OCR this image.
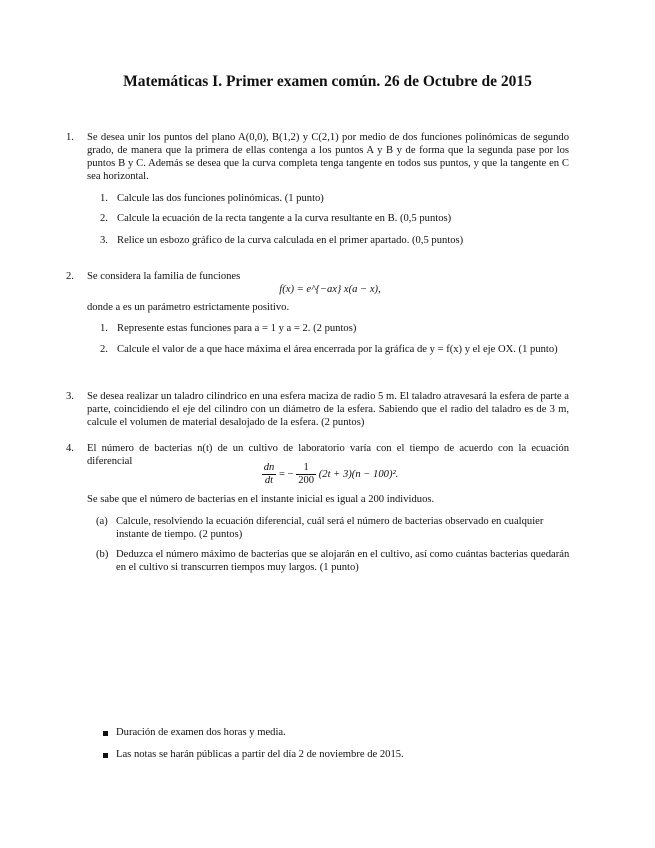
Matemáticas I. Primer examen común. 26 de Octubre de 2015
1. Se desea unir los puntos del plano A(0,0), B(1,2) y C(2,1) por medio de dos funciones polinómicas de segundo grado, de manera que la primera de ellas contenga a los puntos A y B y de forma que la segunda pase por los puntos B y C. Además se desea que la curva completa tenga tangente en todos sus puntos, y que la tangente en C sea horizontal.
1. Calcule las dos funciones polinómicas. (1 punto)
2. Calcule la ecuación de la recta tangente a la curva resultante en B. (0,5 puntos)
3. Relice un esbozo gráfico de la curva calculada en el primer apartado. (0,5 puntos)
2. Se considera la familia de funciones
f(x) = e^{−ax} x(a − x),
donde a es un parámetro estrictamente positivo.
1. Represente estas funciones para a = 1 y a = 2. (2 puntos)
2. Calcule el valor de a que hace máxima el área encerrada por la gráfica de y = f(x) y el eje OX. (1 punto)
3. Se desea realizar un taladro cilíndrico en una esfera maciza de radio 5 m. El taladro atravesará la esfera de parte a parte, coincidiendo el eje del cilindro con un diámetro de la esfera. Sabiendo que el radio del taladro es de 3 m, calcule el volumen de material desalojado de la esfera. (2 puntos)
4. El número de bacterias n(t) de un cultivo de laboratorio varía con el tiempo de acuerdo con la ecuación diferencial
$\frac{dn}{dt}$ = − $\frac{1}{200} (2t + 3)(n - 100)^2$.
Se sabe que el número de bacterias en el instante inicial es igual a 200 individuos.
(a) Calcule, resolviendo la ecuación diferencial, cuál será el número de bacterias observado en cualquier instante de tiempo. (2 puntos)
(b) Deduzca el número máximo de bacterias que se alojarán en el cultivo, así como cuántas bacterias quedarán en el cultivo si transcurren tiempos muy largos. (1 punto)
Duración de examen dos horas y media.
Las notas se harán públicas a partir del día 2 de noviembre de 2015.
